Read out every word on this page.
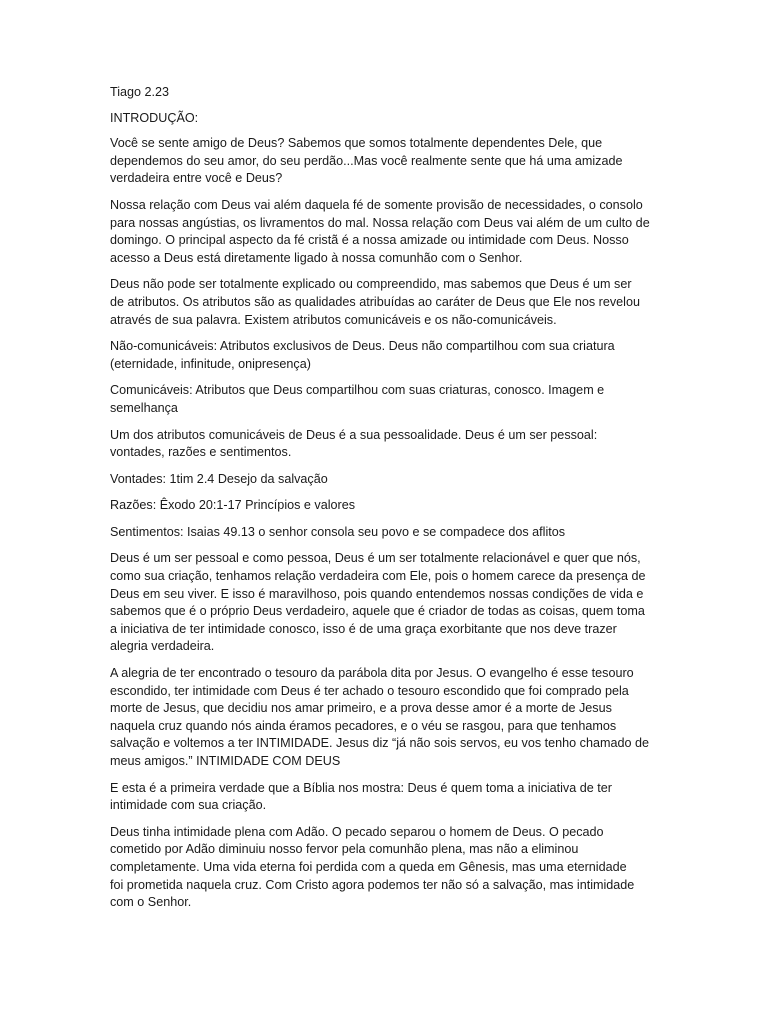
Tiago 2.23

INTRODUÇÃO:

Você se sente amigo de Deus? Sabemos que somos totalmente dependentes Dele, que
dependemos do seu amor, do seu perdão...Mas você realmente sente que há uma amizade
verdadeira entre você e Deus?

Nossa relação com Deus vai além daquela fé de somente provisão de necessidades, o consolo
para nossas angústias, os livramentos do mal. Nossa relação com Deus vai além de um culto de
domingo. O principal aspecto da fé cristã é a nossa amizade ou intimidade com Deus. Nosso
acesso a Deus está diretamente ligado à nossa comunhão com o Senhor.

Deus não pode ser totalmente explicado ou compreendido, mas sabemos que Deus é um ser
de atributos. Os atributos são as qualidades atribuídas ao caráter de Deus que Ele nos revelou
através de sua palavra. Existem atributos comunicáveis e os não-comunicáveis.

Não-comunicáveis: Atributos exclusivos de Deus. Deus não compartilhou com sua criatura
(eternidade, infinitude, onipresença)

Comunicáveis: Atributos que Deus compartilhou com suas criaturas, conosco. Imagem e
semelhança

Um dos atributos comunicáveis de Deus é a sua pessoalidade. Deus é um ser pessoal:
vontades, razões e sentimentos.

Vontades: 1tim 2.4 Desejo da salvação

Razões: Êxodo 20:1-17 Princípios e valores

Sentimentos: Isaias 49.13 o senhor consola seu povo e se compadece dos aflitos

Deus é um ser pessoal e como pessoa, Deus é um ser totalmente relacionável e quer que nós,
como sua criação, tenhamos relação verdadeira com Ele, pois o homem carece da presença de
Deus em seu viver. E isso é maravilhoso, pois quando entendemos nossas condições de vida e
sabemos que é o próprio Deus verdadeiro, aquele que é criador de todas as coisas, quem toma
a iniciativa de ter intimidade conosco, isso é de uma graça exorbitante que nos deve trazer
alegria verdadeira.

A alegria de ter encontrado o tesouro da parábola dita por Jesus. O evangelho é esse tesouro
escondido, ter intimidade com Deus é ter achado o tesouro escondido que foi comprado pela
morte de Jesus, que decidiu nos amar primeiro, e a prova desse amor é a morte de Jesus
naquela cruz quando nós ainda éramos pecadores, e o véu se rasgou, para que tenhamos
salvação e voltemos a ter INTIMIDADE. Jesus diz “já não sois servos, eu vos tenho chamado de
meus amigos.” INTIMIDADE COM DEUS

E esta é a primeira verdade que a Bíblia nos mostra: Deus é quem toma a iniciativa de ter
intimidade com sua criação.

Deus tinha intimidade plena com Adão. O pecado separou o homem de Deus. O pecado
cometido por Adão diminuiu nosso fervor pela comunhão plena, mas não a eliminou
completamente. Uma vida eterna foi perdida com a queda em Gênesis, mas uma eternidade
foi prometida naquela cruz. Com Cristo agora podemos ter não só a salvação, mas intimidade
com o Senhor.
